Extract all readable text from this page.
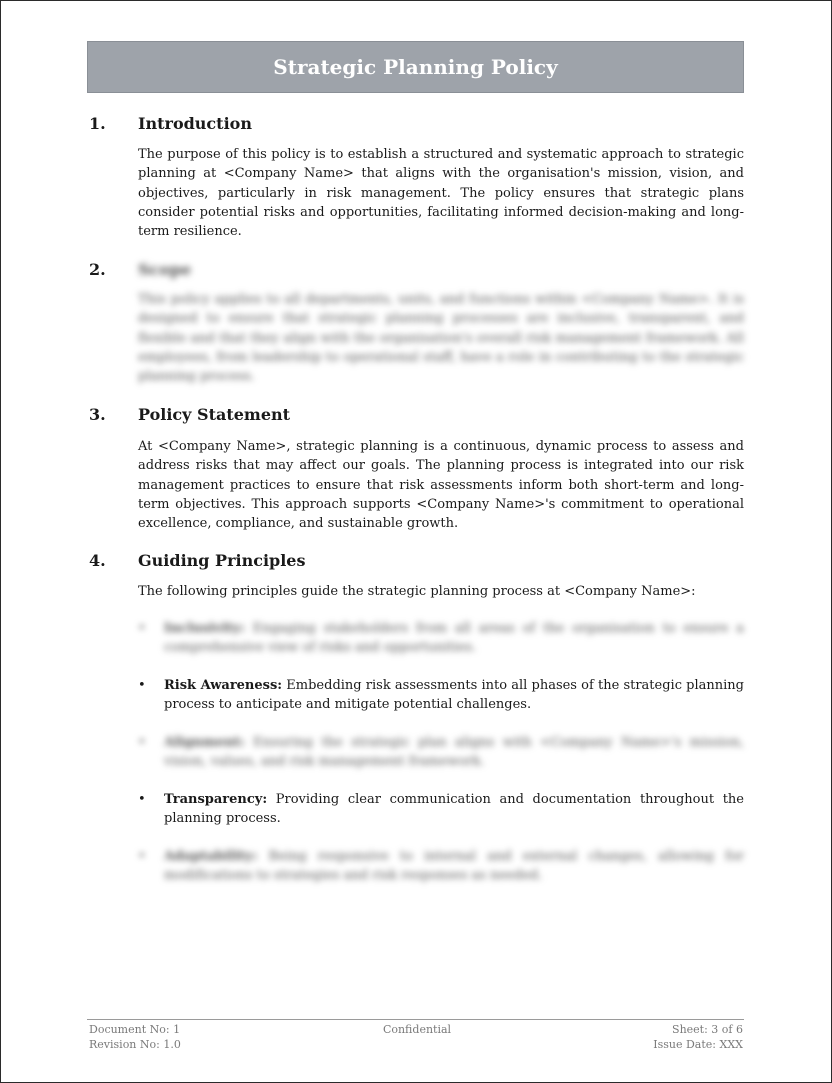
Strategic Planning Policy
1. Introduction

The purpose of this policy is to establish a structured and systematic approach to strategic planning at <Company Name> that aligns with the organisation's mission, vision, and objectives, particularly in risk management. The policy ensures that strategic plans consider potential risks and opportunities, facilitating informed decision-making and long-term resilience.

2. Scope

This policy applies to all departments, units, and functions within <Company Name>. It is designed to ensure that strategic planning processes are inclusive, transparent, and flexible and that they align with the organisation's overall risk management framework. All employees, from leadership to operational staff, have a role in contributing to the strategic planning process.

3. Policy Statement

At <Company Name>, strategic planning is a continuous, dynamic process to assess and address risks that may affect our goals. The planning process is integrated into our risk management practices to ensure that risk assessments inform both short-term and long-term objectives. This approach supports <Company Name>'s commitment to operational excellence, compliance, and sustainable growth.

4. Guiding Principles

The following principles guide the strategic planning process at <Company Name>:

• Inclusivity: Engaging stakeholders from all areas of the organisation to ensure a comprehensive view of risks and opportunities.

• Risk Awareness: Embedding risk assessments into all phases of the strategic planning process to anticipate and mitigate potential challenges.

• Alignment: Ensuring the strategic plan aligns with <Company Name>'s mission, vision, values, and risk management framework.

• Transparency: Providing clear communication and documentation throughout the planning process.

• Adaptability: Being responsive to internal and external changes, allowing for modifications to strategies and risk responses as needed.

Document No: 1
Revision No: 1.0
Confidential	Sheet: 3 of 6
Issue Date: XXX
